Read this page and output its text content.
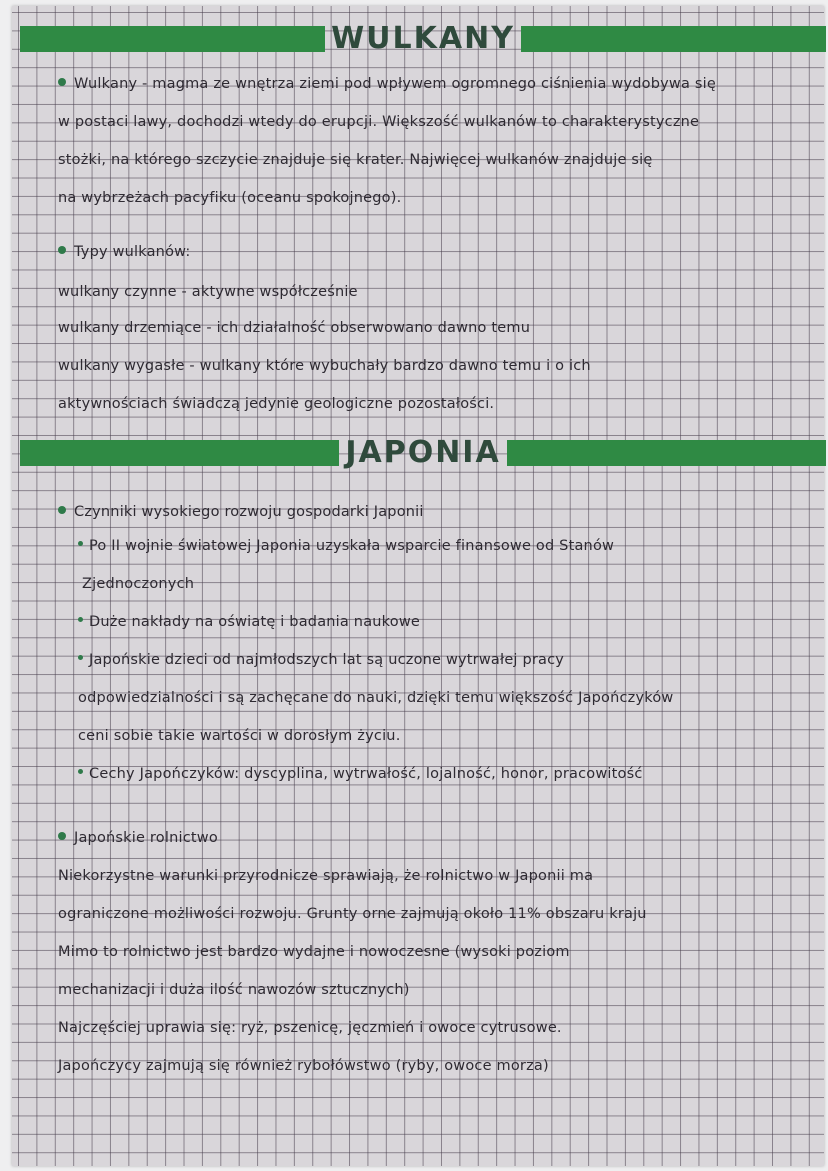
WULKANY
Wulkany - magma ze wnętrza ziemi pod wpływem ogromnego ciśnienia wydobywa się
w postaci lawy, dochodzi wtedy do erupcji. Większość wulkanów to charakterystyczne
stożki, na którego szczycie znajduje się krater. Najwięcej wulkanów znajduje się
na wybrzeżach pacyfiku (oceanu spokojnego).
Typy wulkanów:
wulkany czynne - aktywne współcześnie
wulkany drzemiące - ich działalność obserwowano dawno temu
wulkany wygasłe - wulkany które wybuchały bardzo dawno temu i o ich
aktywnościach świadczą jedynie geologiczne pozostałości.
JAPONIA
Czynniki wysokiego rozwoju gospodarki Japonii
Po II wojnie światowej Japonia uzyskała wsparcie finansowe od Stanów
Zjednoczonych
Duże nakłady na oświatę i badania naukowe
Japońskie dzieci od najmłodszych lat są uczone wytrwałej pracy
odpowiedzialności i są zachęcane do nauki, dzięki temu większość Japończyków
ceni sobie takie wartości w dorosłym życiu.
Cechy Japończyków: dyscyplina, wytrwałość, lojalność, honor, pracowitość
Japońskie rolnictwo
Niekorzystne warunki przyrodnicze sprawiają, że rolnictwo w Japonii ma
ograniczone możliwości rozwoju. Grunty orne zajmują około 11% obszaru kraju
Mimo to rolnictwo jest bardzo wydajne i nowoczesne (wysoki poziom
mechanizacji i duża ilość nawozów sztucznych)
Najczęściej uprawia się: ryż, pszenicę, jęczmień i owoce cytrusowe.
Japończycy zajmują się również rybołówstwo (ryby, owoce morza)
